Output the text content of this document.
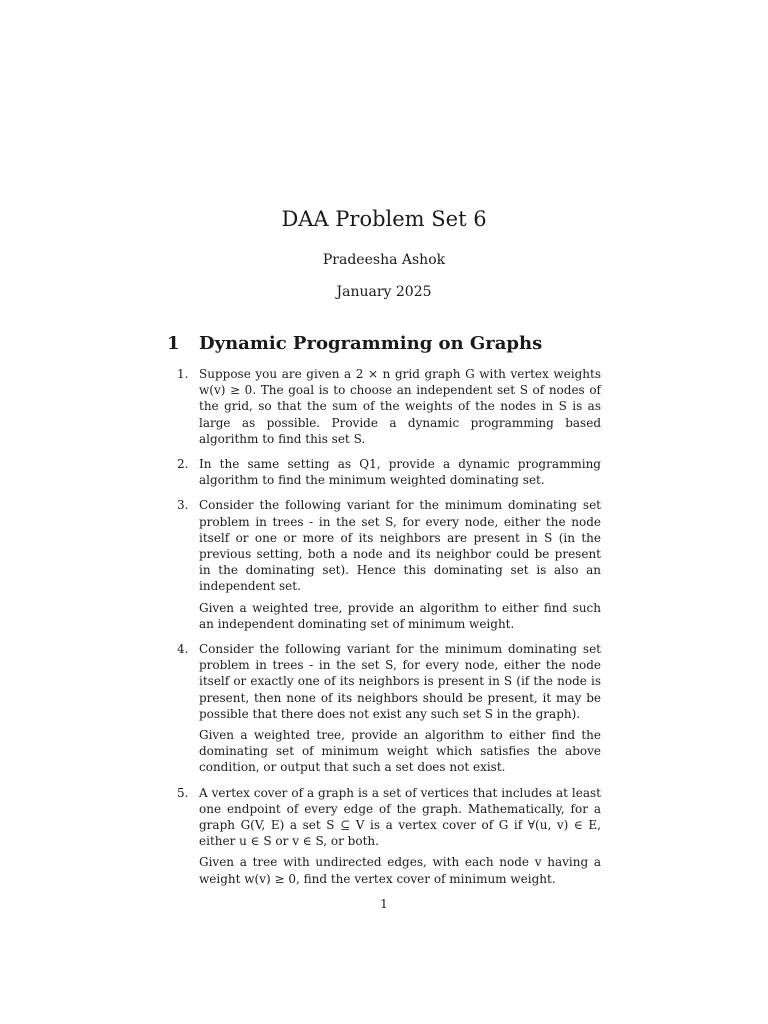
DAA Problem Set 6
Pradeesha Ashok
January 2025
1 Dynamic Programming on Graphs
1. Suppose you are given a 2 × n grid graph G with vertex weights w(v) ≥ 0. The goal is to choose an independent set S of nodes of the grid, so that the sum of the weights of the nodes in S is as large as possible. Provide a dynamic programming based algorithm to find this set S.

2. In the same setting as Q1, provide a dynamic programming algorithm to find the minimum weighted dominating set.

3. Consider the following variant for the minimum dominating set problem in trees - in the set S, for every node, either the node itself or one or more of its neighbors are present in S (in the previous setting, both a node and its neighbor could be present in the dominating set). Hence this dominating set is also an independent set.

Given a weighted tree, provide an algorithm to either find such an independent dominating set of minimum weight.

4. Consider the following variant for the minimum dominating set problem in trees - in the set S, for every node, either the node itself or exactly one of its neighbors is present in S (if the node is present, then none of its neighbors should be present, it may be possible that there does not exist any such set S in the graph).

Given a weighted tree, provide an algorithm to either find the dominating set of minimum weight which satisfies the above condition, or output that such a set does not exist.

5. A vertex cover of a graph is a set of vertices that includes at least one endpoint of every edge of the graph. Mathematically, for a graph G(V, E) a set S ⊆ V is a vertex cover of G if ∀(u, v) ∈ E, either u ∈ S or v ∈ S, or both.

Given a tree with undirected edges, with each node v having a weight w(v) ≥ 0, find the vertex cover of minimum weight.

1
